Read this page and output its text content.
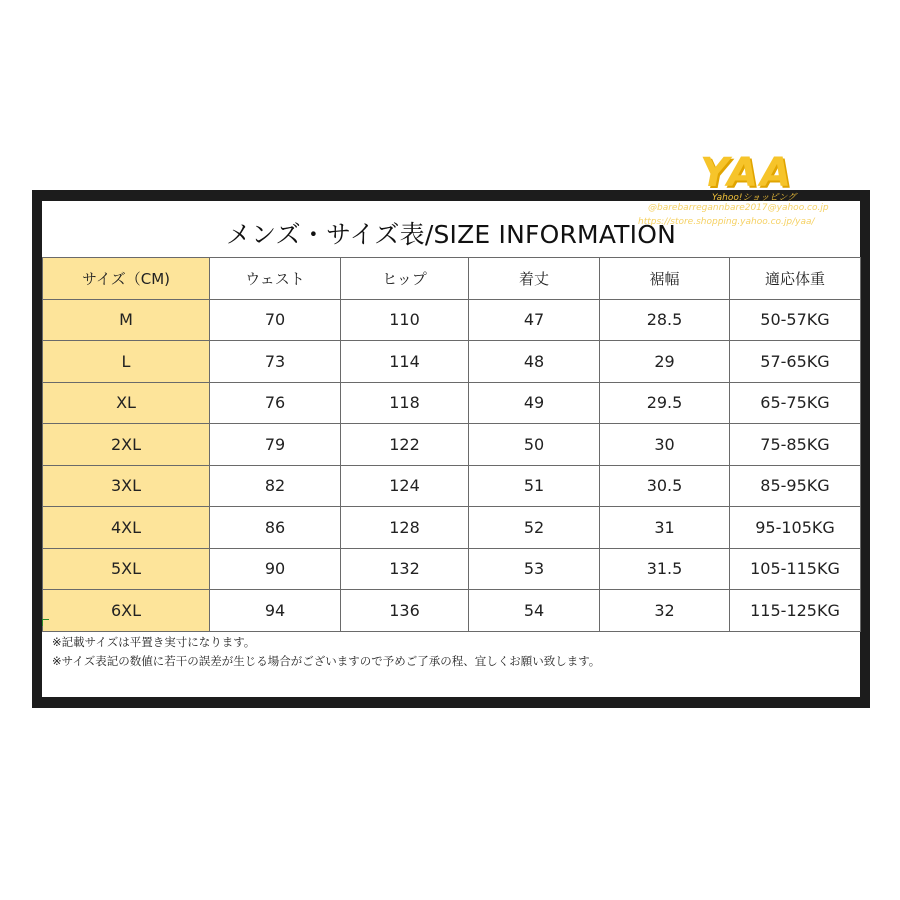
メンズ・サイズ表/SIZE INFORMATION
サイズ（CM)	ウェスト	ヒップ	着丈	裾幅	適応体重
M	70	110	47	28.5	50-57KG
L	73	114	48	29	57-65KG
XL	76	118	49	29.5	65-75KG
2XL	79	122	50	30	75-85KG
3XL	82	124	51	30.5	85-95KG
4XL	86	128	52	31	95-105KG
5XL	90	132	53	31.5	105-115KG
6XL	94	136	54	32	115-125KG
※記載サイズは平置き実寸になります。
※サイズ表記の数値に若干の誤差が生じる場合がございますので予めご了承の程、宜しくお願い致します。
YAA
Yahoo!ショッピング
@barebarregannbare2017@yahoo.co.jp
https://store.shopping.yahoo.co.jp/yaa/
